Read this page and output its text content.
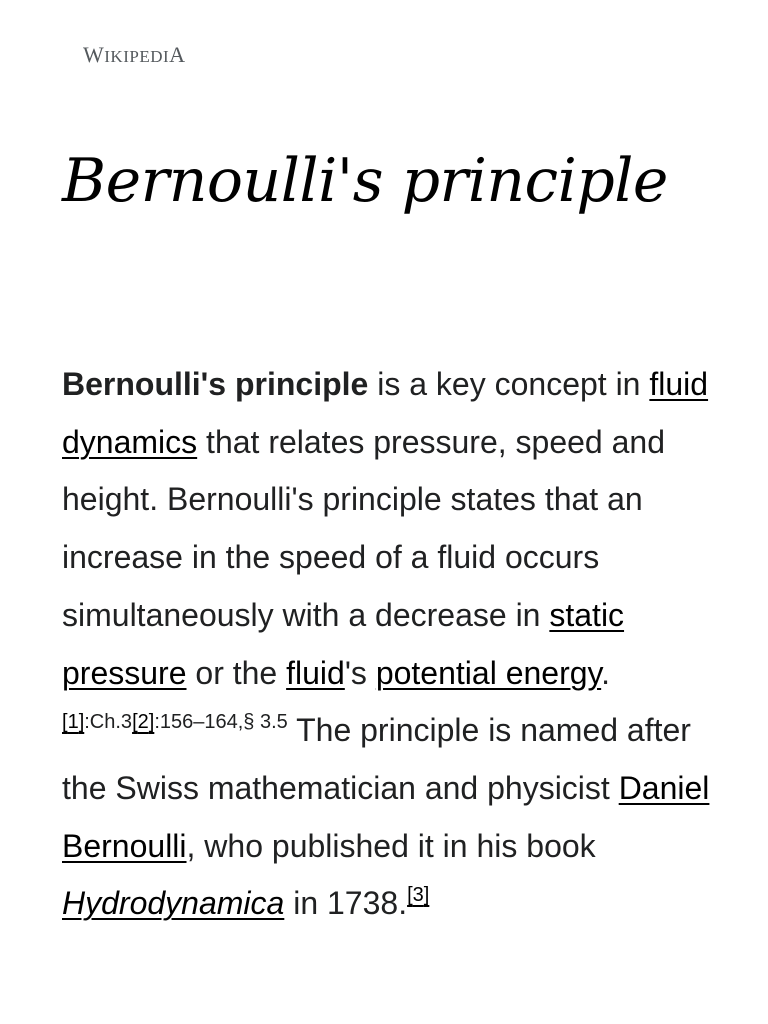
WIKIPEDIA
Bernoulli's principle

Bernoulli's principle is a key concept in fluid dynamics that relates pressure, speed and height. Bernoulli's principle states that an increase in the speed of a fluid occurs simultaneously with a decrease in static pressure or the fluid's potential energy.$^{[1]:Ch.3[2]:156-164,\S 3.5}$ The principle is named after the Swiss mathematician and physicist Daniel Bernoulli, who published it in his book Hydrodynamica in 1738.[3]
